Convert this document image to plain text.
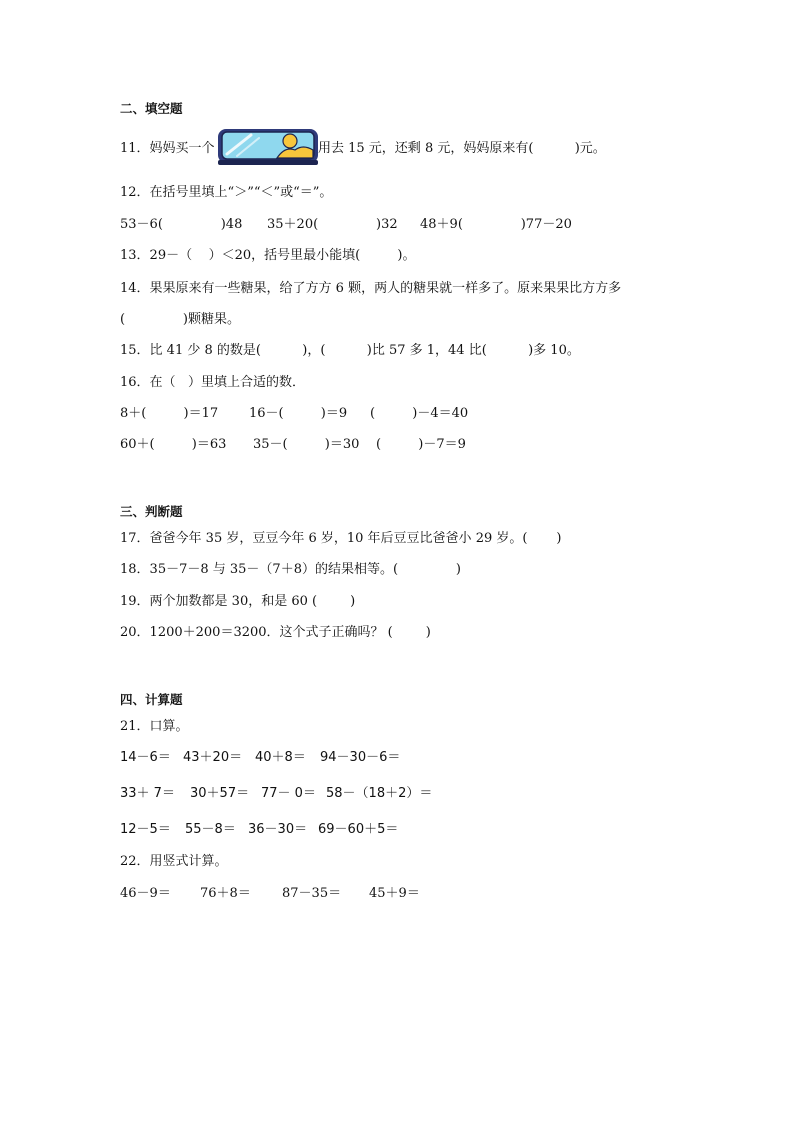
二、填空题
11．妈妈买一个	用去 15 元，还剩 8 元，妈妈原来有(          )元。
12．在括号里填上“＞”“＜”或“＝”。

53－6(              )48

35＋20(              )32

48＋9(              )77－20

13．29－（    ）＜20，括号里最小能填(         )。
14．果果原来有一些糖果，给了方方 6 颗，两人的糖果就一样多了。原来果果比方方多
(              )颗糖果。
15．比 41 少 8 的数是(          )，(          )比 57 多 1，44 比(          )多 10。
16．在（   ）里填上合适的数．

8＋(         )＝17

16－(         )＝9

(         )－4＝40

60＋(         )＝63

35－(         )＝30

(         )－7＝9

三、判断题
17．爸爸今年 35 岁，豆豆今年 6 岁，10 年后豆豆比爸爸小 29 岁。(       )
18．35－7－8 与 35－（7＋8）的结果相等。(              )
19．两个加数都是 30，和是 60 (        )
20．1200＋200＝3200．这个式子正确吗？ (        )
四、计算题
21．口算。

14－6＝

43＋20＝

40＋8＝

94－30－6＝

33＋ 7＝

30＋57＝

77－ 0＝

58－（18＋2）＝

12－5＝

55－8＝

36－30＝

69－60＋5＝

22．用竖式计算。

46－9＝

76＋8＝

87－35＝

45＋9＝
